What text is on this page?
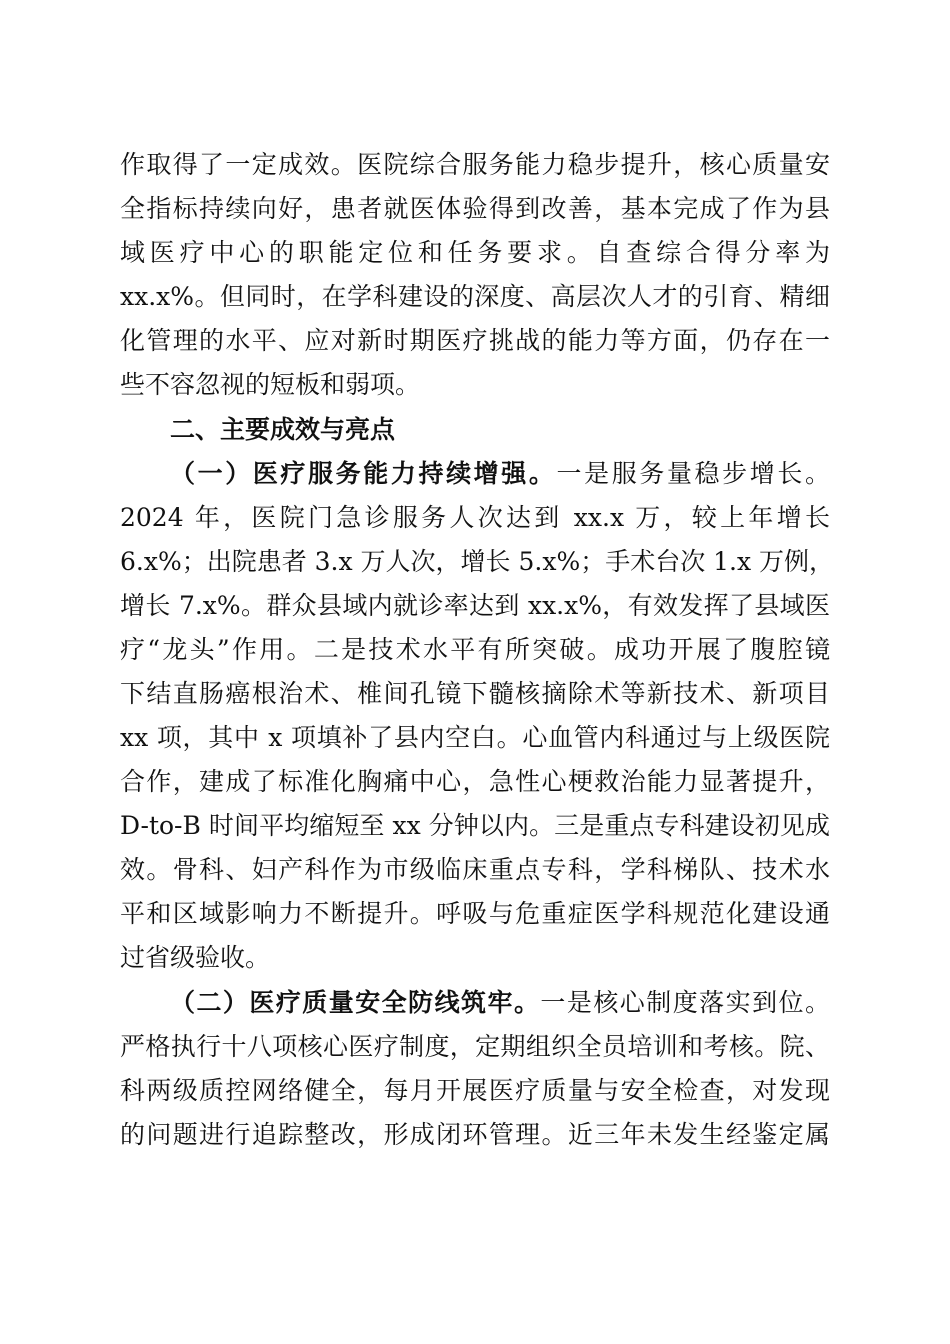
作取得了一定成效。医院综合服务能力稳步提升，核心质量安
全指标持续向好，患者就医体验得到改善，基本完成了作为县
域医疗中心的职能定位和任务要求。自查综合得分率为
xx.x%。但同时，在学科建设的深度、高层次人才的引育、精细
化管理的水平、应对新时期医疗挑战的能力等方面，仍存在一
些不容忽视的短板和弱项。
二、主要成效与亮点
（一）医疗服务能力持续增强。一是服务量稳步增长。
2024 年，医院门急诊服务人次达到 xx.x 万，较上年增长
6.x%；出院患者 3.x 万人次，增长 5.x%；手术台次 1.x 万例，
增长 7.x%。群众县域内就诊率达到 xx.x%，有效发挥了县域医
疗“龙头”作用。二是技术水平有所突破。成功开展了腹腔镜
下结直肠癌根治术、椎间孔镜下髓核摘除术等新技术、新项目
xx 项，其中 x 项填补了县内空白。心血管内科通过与上级医院
合作，建成了标准化胸痛中心，急性心梗救治能力显著提升，
D-to-B 时间平均缩短至 xx 分钟以内。三是重点专科建设初见成
效。骨科、妇产科作为市级临床重点专科，学科梯队、技术水
平和区域影响力不断提升。呼吸与危重症医学科规范化建设通
过省级验收。
（二）医疗质量安全防线筑牢。一是核心制度落实到位。
严格执行十八项核心医疗制度，定期组织全员培训和考核。院、
科两级质控网络健全，每月开展医疗质量与安全检查，对发现
的问题进行追踪整改，形成闭环管理。近三年未发生经鉴定属
